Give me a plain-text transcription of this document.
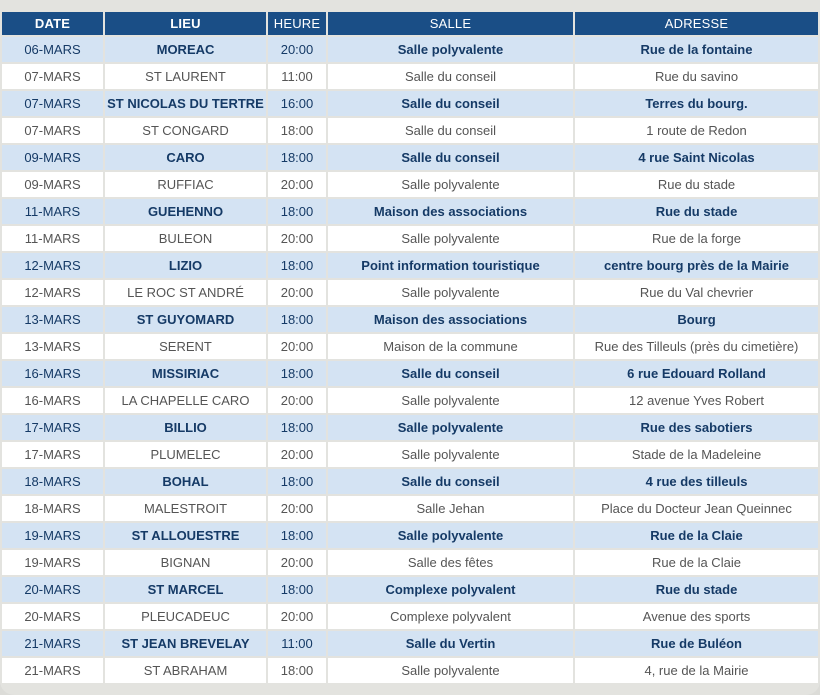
DATE	LIEU	HEURE	SALLE	ADRESSE
06-MARS	MOREAC	20:00	Salle polyvalente	Rue de la fontaine
07-MARS	ST LAURENT	11:00	Salle du conseil	Rue du savino
07-MARS	ST NICOLAS DU TERTRE	16:00	Salle du conseil	Terres du bourg.
07-MARS	ST CONGARD	18:00	Salle du conseil	1 route de Redon
09-MARS	CARO	18:00	Salle du conseil	4 rue Saint Nicolas
09-MARS	RUFFIAC	20:00	Salle polyvalente	Rue du stade
11-MARS	GUEHENNO	18:00	Maison des associations	Rue du stade
11-MARS	BULEON	20:00	Salle polyvalente	Rue de la forge
12-MARS	LIZIO	18:00	Point information touristique	centre bourg près de la Mairie
12-MARS	LE ROC ST ANDRÉ	20:00	Salle polyvalente	Rue du Val chevrier
13-MARS	ST GUYOMARD	18:00	Maison des associations	Bourg
13-MARS	SERENT	20:00	Maison de la commune	Rue des Tilleuls (près du cimetière)
16-MARS	MISSIRIAC	18:00	Salle du conseil	6 rue Edouard Rolland
16-MARS	LA CHAPELLE CARO	20:00	Salle polyvalente	12 avenue Yves Robert
17-MARS	BILLIO	18:00	Salle polyvalente	Rue des sabotiers
17-MARS	PLUMELEC	20:00	Salle polyvalente	Stade de la Madeleine
18-MARS	BOHAL	18:00	Salle du conseil	4 rue des tilleuls
18-MARS	MALESTROIT	20:00	Salle Jehan	Place du Docteur Jean Queinnec
19-MARS	ST ALLOUESTRE	18:00	Salle polyvalente	Rue de la Claie
19-MARS	BIGNAN	20:00	Salle des fêtes	Rue de la Claie
20-MARS	ST MARCEL	18:00	Complexe polyvalent	Rue du stade
20-MARS	PLEUCADEUC	20:00	Complexe polyvalent	Avenue des sports
21-MARS	ST JEAN BREVELAY	11:00	Salle du Vertin	Rue de Buléon
21-MARS	ST ABRAHAM	18:00	Salle polyvalente	4, rue de la Mairie
